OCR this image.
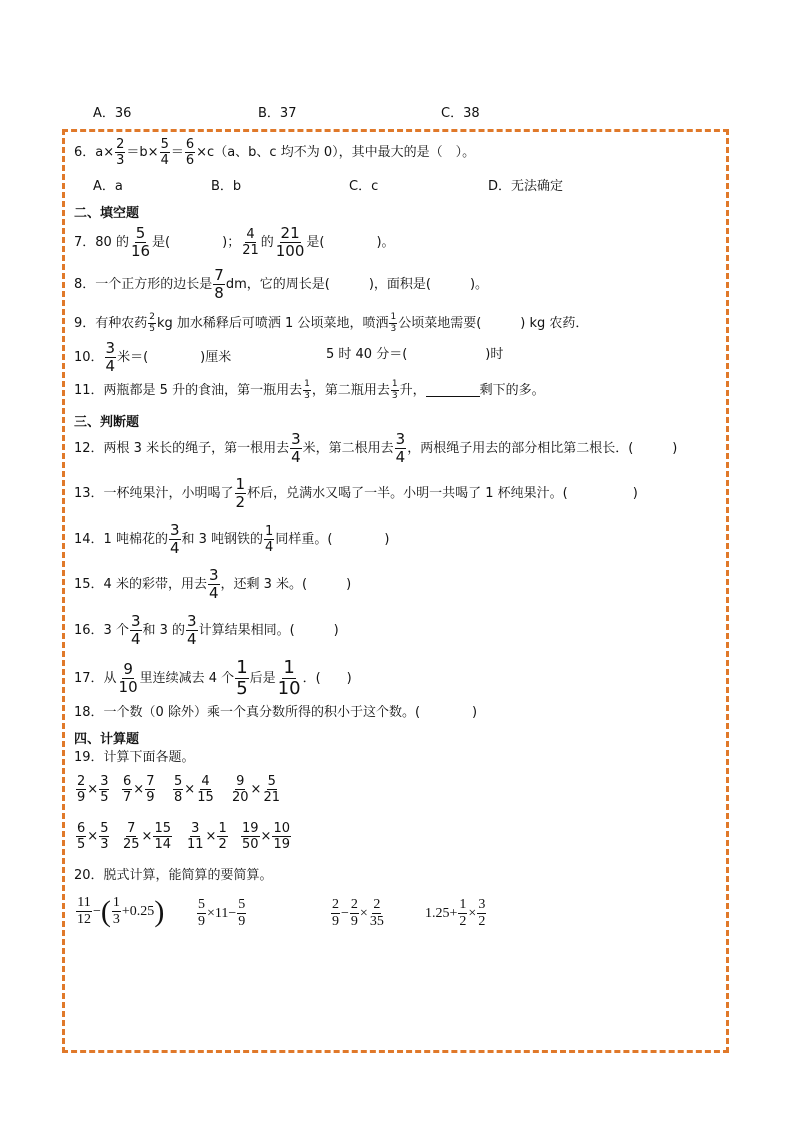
A．36	B．37	C．38
6．$a\times \frac{2}{3} =b\times \frac{5}{4} = \frac{6}{6} \times c(a$、b、c 均不为 0），其中最大的是（　）。
A．a	B．b	C．c	D．无法确定
二、填空题
7．80 的 $\frac{5}{16}$ 是(　　　　)； $\frac{4}{21}$ 的 $\frac{21}{100}$ 是(　　　　)。
8．一个正方形的边长是 $\frac{7}{8}$ dm，它的周长是(　　　)，面积是(　　　)。
9．有种农药 $\frac{2}{5}$ kg 加水稀释后可喷洒 1 公顷菜地，喷洒 $\frac{1}{3}$ 公顷菜地需要(　　　) kg 农药．
10． $\frac{3}{4}$ 米＝(　　　　)厘米	5 时 40 分＝(　　　　　　)时
11．两瓶都是 5 升的食油，第一瓶用去 $\frac{1}{3}$ ，第二瓶用去 $\frac{1}{3}$ 升，	剩下的多。
三、判断题
12．两根 3 米长的绳子，第一根用去 $\frac{3}{4}$ 米，第二根用去 $\frac{3}{4}$ ，两根绳子用去的部分相比第二根长．(　　　)
13．一杯纯果汁，小明喝了 $\frac{1}{2}$ 杯后，兑满水又喝了一半。小明一共喝了 1 杯纯果汁。(　　　　　)
14．1 吨棉花的 $\frac{3}{4}$ 和 3 吨钢铁的 $\frac{1}{4}$ 同样重。(　　　　)
15．4 米的彩带，用去 $\frac{3}{4}$ ，还剩 3 米。(　　　)
16．3 个 $\frac{3}{4}$ 和 3 的 $\frac{3}{4}$ 计算结果相同。(　　　)
17．从 $\frac{9}{10}$ 里连续减去 4 个 $\frac{1}{5}$ 后是 $\frac{1}{10}$ ．(　　)
18．一个数（0 除外）乘一个真分数所得的积小于这个数。(　　　　)
四、计算题
19．计算下面各题。
$\frac{2}{9} \times \frac{3}{5} \frac{6}{7} \times \frac{7}{9} \frac{5}{8} \times \frac{4}{15} \frac{9}{20} \times \frac{5}{21}$
$\frac{6}{5} \times \frac{5}{3} \frac{7}{25} \times \frac{15}{14} \frac{3}{11} \times \frac{1}{2} \frac{19}{50} \times \frac{10}{19}$
20．脱式计算，能简算的要简算。
$\frac{11}{12}$ − ( $\frac{1}{3} +0.25$ ) $\frac{5}{9} \times 11- \frac{5}{9}$	$\frac{2}{9} - \frac{2}{9} \times \frac{2}{35}$	$1.25+ \frac{1}{2} \times \frac{3}{2}$
